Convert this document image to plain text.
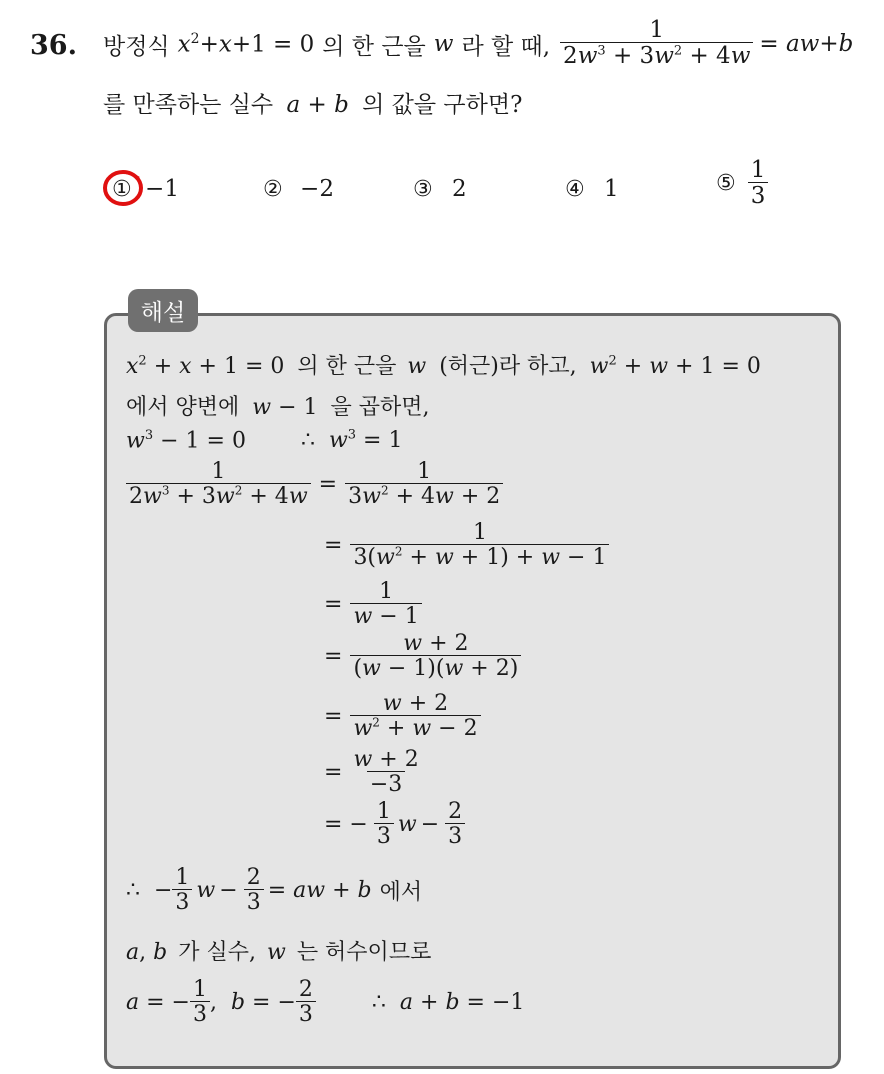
36. 방정식 $x^2+x+1 = 0$ 의 한 근을 w 라 할 때, $\frac{1}{2w^3 + 3w^2 + 4w} = aw+b$
를 만족하는 실수 a + b 의 값을 구하면?
① −1	② −2	③ 2	④ 1	⑤ $\frac{1}{3}$
해설
$x^2 + x + 1 = 0$ 의 한 근을 w (허근)라 하고, $w^2 + w + 1 = 0$
에서 양변에 w − 1 을 곱하면,
$w^3 - 1 = 0$ ∴  $w^3 = 1$
$\frac{1}{2w^3 + 3w^2 + 4w} = \frac{1}{3w^2 + 4w + 2}$
= $\frac{1}{3(w^2 + w + 1) + w - 1}$
= $\frac{1}{w - 1}$
= $\frac{w + 2}{(w - 1)(w + 2)}$
= $\frac{w + 2}{w^2 + w - 2}$
= $\frac{w + 2}{-3}$
= − $\frac{1}{3}$ $w - \frac{2}{3}$
∴  − $\frac{1}{3}$ $w - \frac{2}{3}$ = aw + b 에서
a, b 가 실수, w 는 허수이므로
a = − $\frac{1}{3}$ ,  b = − $\frac{2}{3}$	∴  a + b = −1
